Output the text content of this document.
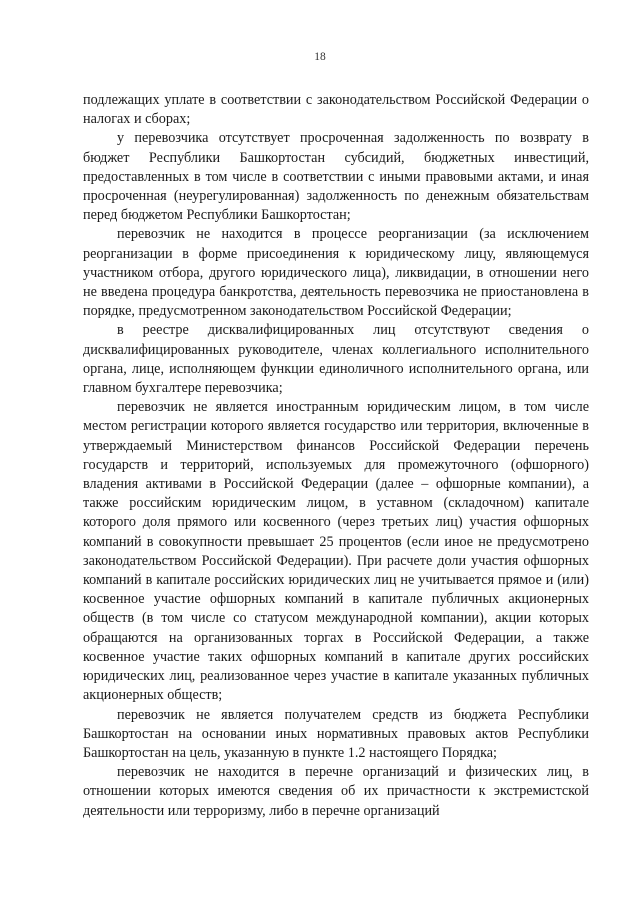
18

подлежащих уплате в соответствии с законодательством Российской Федерации о налогах и сборах;

у перевозчика отсутствует просроченная задолженность по возврату в бюджет Республики Башкортостан субсидий, бюджетных инвестиций, предоставленных в том числе в соответствии с иными правовыми актами, и иная просроченная (неурегулированная) задолженность по денежным обязательствам перед бюджетом Республики Башкортостан;

перевозчик не находится в процессе реорганизации (за исключением реорганизации в форме присоединения к юридическому лицу, являющемуся участником отбора, другого юридического лица), ликвидации, в отношении него не введена процедура банкротства, деятельность перевозчика не приостановлена в порядке, предусмотренном законодательством Российской Федерации;

в реестре дисквалифицированных лиц отсутствуют сведения о дисквалифицированных руководителе, членах коллегиального исполнительного органа, лице, исполняющем функции единоличного исполнительного органа, или главном бухгалтере перевозчика;

перевозчик не является иностранным юридическим лицом, в том числе местом регистрации которого является государство или территория, включенные в утверждаемый Министерством финансов Российской Федерации перечень государств и территорий, используемых для промежуточного (офшорного) владения активами в Российской Федерации (далее – офшорные компании), а также российским юридическим лицом, в уставном (складочном) капитале которого доля прямого или косвенного (через третьих лиц) участия офшорных компаний в совокупности превышает 25 процентов (если иное не предусмотрено законодательством Российской Федерации). При расчете доли участия офшорных компаний в капитале российских юридических лиц не учитывается прямое и (или) косвенное участие офшорных компаний в капитале публичных акционерных обществ (в том числе со статусом международной компании), акции которых обращаются на организованных торгах в Российской Федерации, а также косвенное участие таких офшорных компаний в капитале других российских юридических лиц, реализованное через участие в капитале указанных публичных акционерных обществ;

перевозчик не является получателем средств из бюджета Республики Башкортостан на основании иных нормативных правовых актов Республики Башкортостан на цель, указанную в пункте 1.2 настоящего Порядка;

перевозчик не находится в перечне организаций и физических лиц, в отношении которых имеются сведения об их причастности к экстремистской деятельности или терроризму, либо в перечне организаций
